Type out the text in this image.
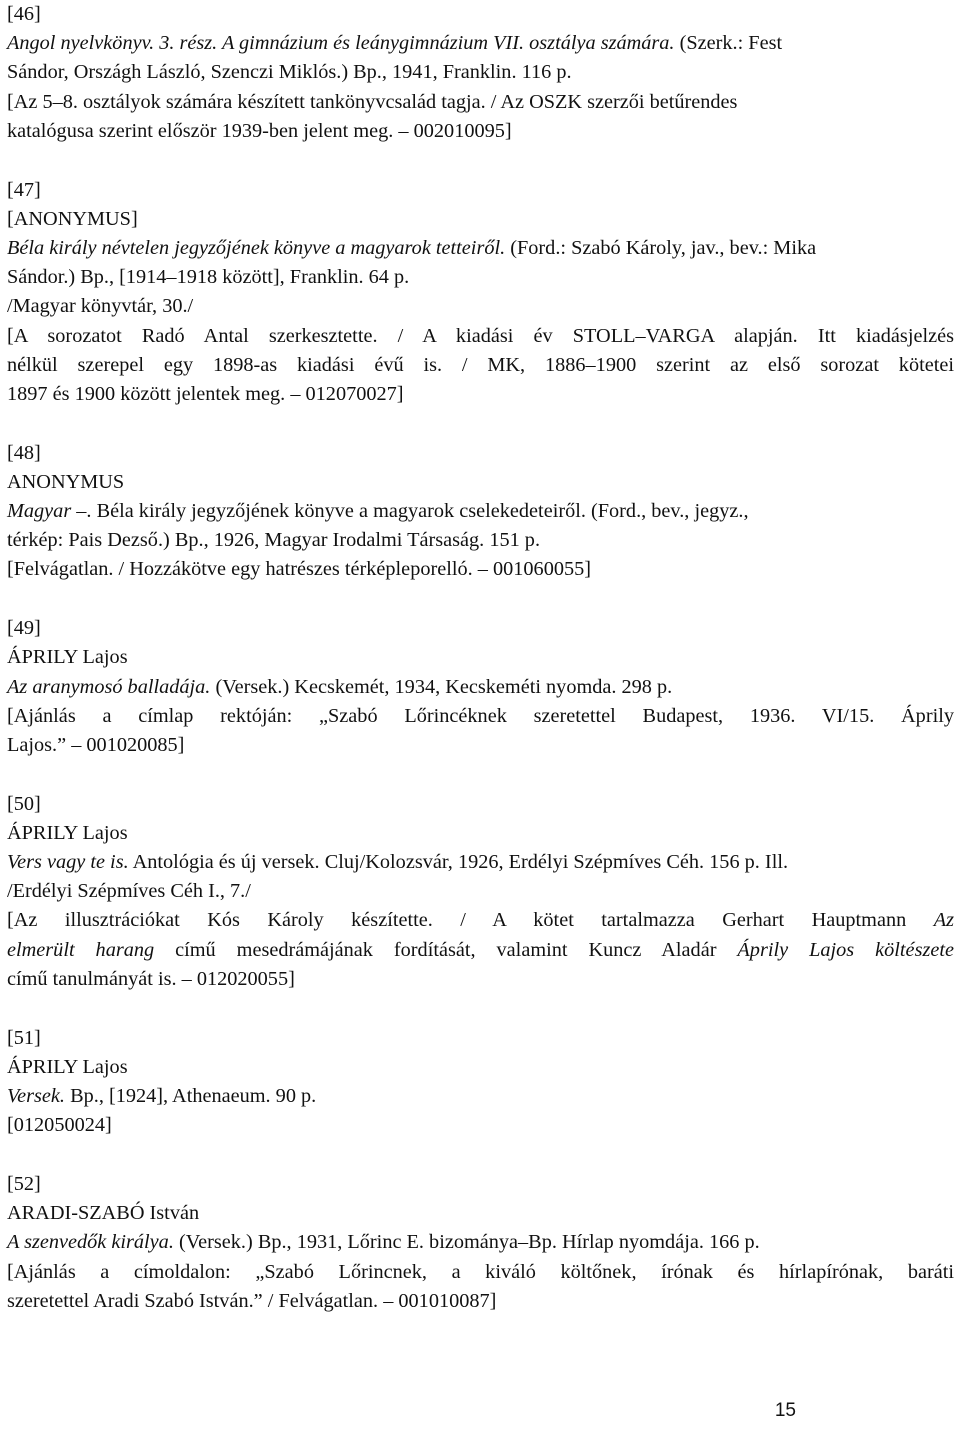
[46]
Angol nyelvkönyv. 3. rész. A gimnázium és leánygimnázium VII. osztálya számára. (Szerk.: Fest
Sándor, Országh László, Szenczi Miklós.) Bp., 1941, Franklin. 116 p.
[Az 5–8. osztályok számára készített tankönyvcsalád tagja. / Az OSZK szerzői betűrendes
katalógusa szerint először 1939-ben jelent meg. – 002010095]
[47]
[ANONYMUS]
Béla király névtelen jegyzőjének könyve a magyarok tetteiről. (Ford.: Szabó Károly, jav., bev.: Mika
Sándor.) Bp., [1914–1918 között], Franklin. 64 p.
/Magyar könyvtár, 30./
[A sorozatot Radó Antal szerkesztette. / A kiadási év STOLL–VARGA alapján. Itt kiadásjelzés
nélkül szerepel egy 1898-as kiadási évű is. / MK, 1886–1900 szerint az első sorozat kötetei
1897 és 1900 között jelentek meg. – 012070027]
[48]
ANONYMUS
Magyar –. Béla király jegyzőjének könyve a magyarok cselekedeteiről. (Ford., bev., jegyz.,
térkép: Pais Dezső.) Bp., 1926, Magyar Irodalmi Társaság. 151 p.
[Felvágatlan. / Hozzákötve egy hatrészes térképleporelló. – 001060055]
[49]
ÁPRILY Lajos
Az aranymosó balladája. (Versek.) Kecskemét, 1934, Kecskeméti nyomda. 298 p.
[Ajánlás a címlap rektóján: „Szabó Lőrincéknek szeretettel Budapest, 1936. VI/15. Áprily
Lajos.” – 001020085]
[50]
ÁPRILY Lajos
Vers vagy te is. Antológia és új versek. Cluj/Kolozsvár, 1926, Erdélyi Szépmíves Céh. 156 p. Ill.
/Erdélyi Szépmíves Céh I., 7./
[Az illusztrációkat Kós Károly készítette. / A kötet tartalmazza Gerhart Hauptmann Az
elmerült harang című mesedrámájának fordítását, valamint Kuncz Aladár Áprily Lajos költészete
című tanulmányát is. – 012020055]
[51]
ÁPRILY Lajos
Versek. Bp., [1924], Athenaeum. 90 p.
[012050024]
[52]
ARADI-SZABÓ István
A szenvedők királya. (Versek.) Bp., 1931, Lőrinc E. bizománya–Bp. Hírlap nyomdája. 166 p.
[Ajánlás a címoldalon: „Szabó Lőrincnek, a kiváló költőnek, írónak és hírlapírónak, baráti
szeretettel Aradi Szabó István.” / Felvágatlan. – 001010087]
15
